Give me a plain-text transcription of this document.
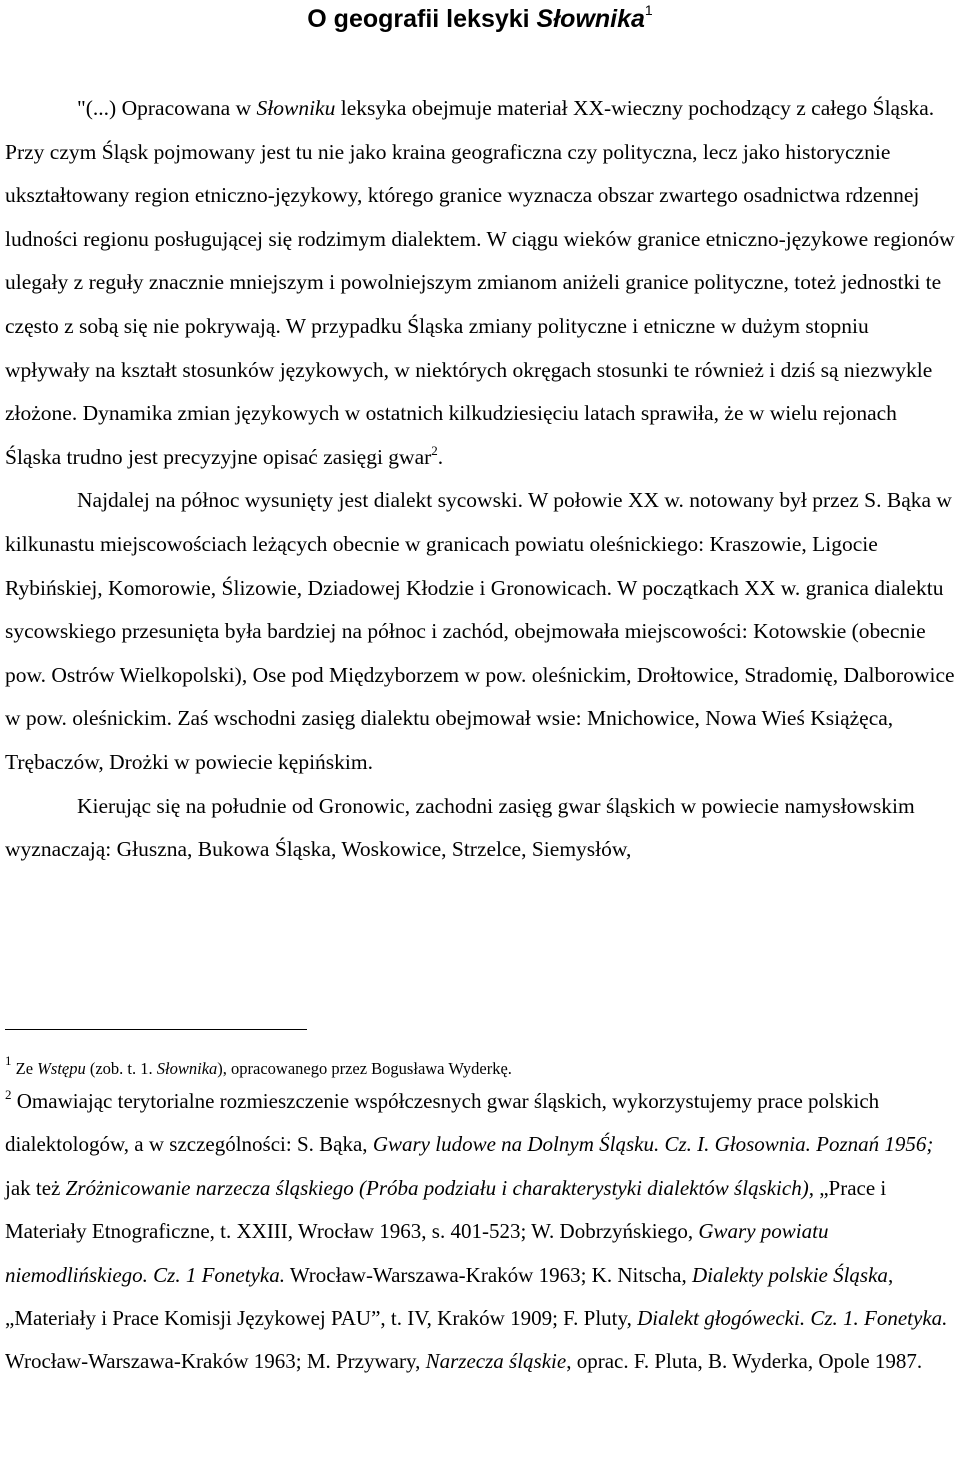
O geografii leksyki Słownika$^1$

"(...) Opracowana w Słowniku leksyka obejmuje materiał XX-wieczny pochodzący z całego Śląska. Przy czym Śląsk pojmowany jest tu nie jako kraina geograficzna czy polityczna, lecz jako historycznie ukształtowany region etniczno-językowy, którego granice wyznacza obszar zwartego osadnictwa rdzennej ludności regionu posługującej się rodzimym dialektem. W ciągu wieków granice etniczno-językowe regionów ulegały z reguły znacznie mniejszym i powolniejszym zmianom aniżeli granice polityczne, toteż jednostki te często z sobą się nie pokrywają. W przypadku Śląska zmiany polityczne i etniczne w dużym stopniu wpływały na kształt stosunków językowych, w niektórych okręgach stosunki te również i dziś są niezwykle złożone. Dynamika zmian językowych w ostatnich kilkudziesięciu latach sprawiła, że w wielu rejonach Śląska trudno jest precyzyjne opisać zasięgi gwar$^2$.

Najdalej na północ wysunięty jest dialekt sycowski. W połowie XX w. notowany był przez S. Bąka w kilkunastu miejscowościach leżących obecnie w granicach powiatu oleśnickiego: Kraszowie, Ligocie Rybińskiej, Komorowie, Ślizowie, Dziadowej Kłodzie i Gronowicach. W początkach XX w. granica dialektu sycowskiego przesunięta była bardziej na północ i zachód, obejmowała miejscowości: Kotowskie (obecnie pow. Ostrów Wielkopolski), Ose pod Międzyborzem w pow. oleśnickim, Drołtowice, Stradomię, Dalborowice w pow. oleśnickim. Zaś wschodni zasięg dialektu obejmował wsie: Mnichowice, Nowa Wieś Książęca, Trębaczów, Drożki w powiecie kępińskim.

Kierując się na południe od Gronowic, zachodni zasięg gwar śląskich w powiecie namysłowskim wyznaczają: Głuszna, Bukowa Śląska, Woskowice, Strzelce, Siemysłów,

$^1$ Ze Wstępu (zob. t. 1. Słownika), opracowanego przez Bogusława Wyderkę.
$^2$ Omawiając terytorialne rozmieszczenie współczesnych gwar śląskich, wykorzystujemy prace polskich dialektologów, a w szczególności: S. Bąka, Gwary ludowe na Dolnym Śląsku. Cz. I. Głosownia. Poznań 1956; jak też Zróżnicowanie narzecza śląskiego (Próba podziału i charakterystyki dialektów śląskich), „Prace i Materiały Etnograficzne, t. XXIII, Wrocław 1963, s. 401-523; W. Dobrzyńskiego, Gwary powiatu niemodlińskiego. Cz. 1 Fonetyka. Wrocław-Warszawa-Kraków 1963; K. Nitscha, Dialekty polskie Śląska, „Materiały i Prace Komisji Językowej PAU”, t. IV, Kraków 1909; F. Pluty, Dialekt głogówecki. Cz. 1. Fonetyka. Wrocław-Warszawa-Kraków 1963; M. Przywary, Narzecza śląskie, oprac. F. Pluta, B. Wyderka, Opole 1987.
